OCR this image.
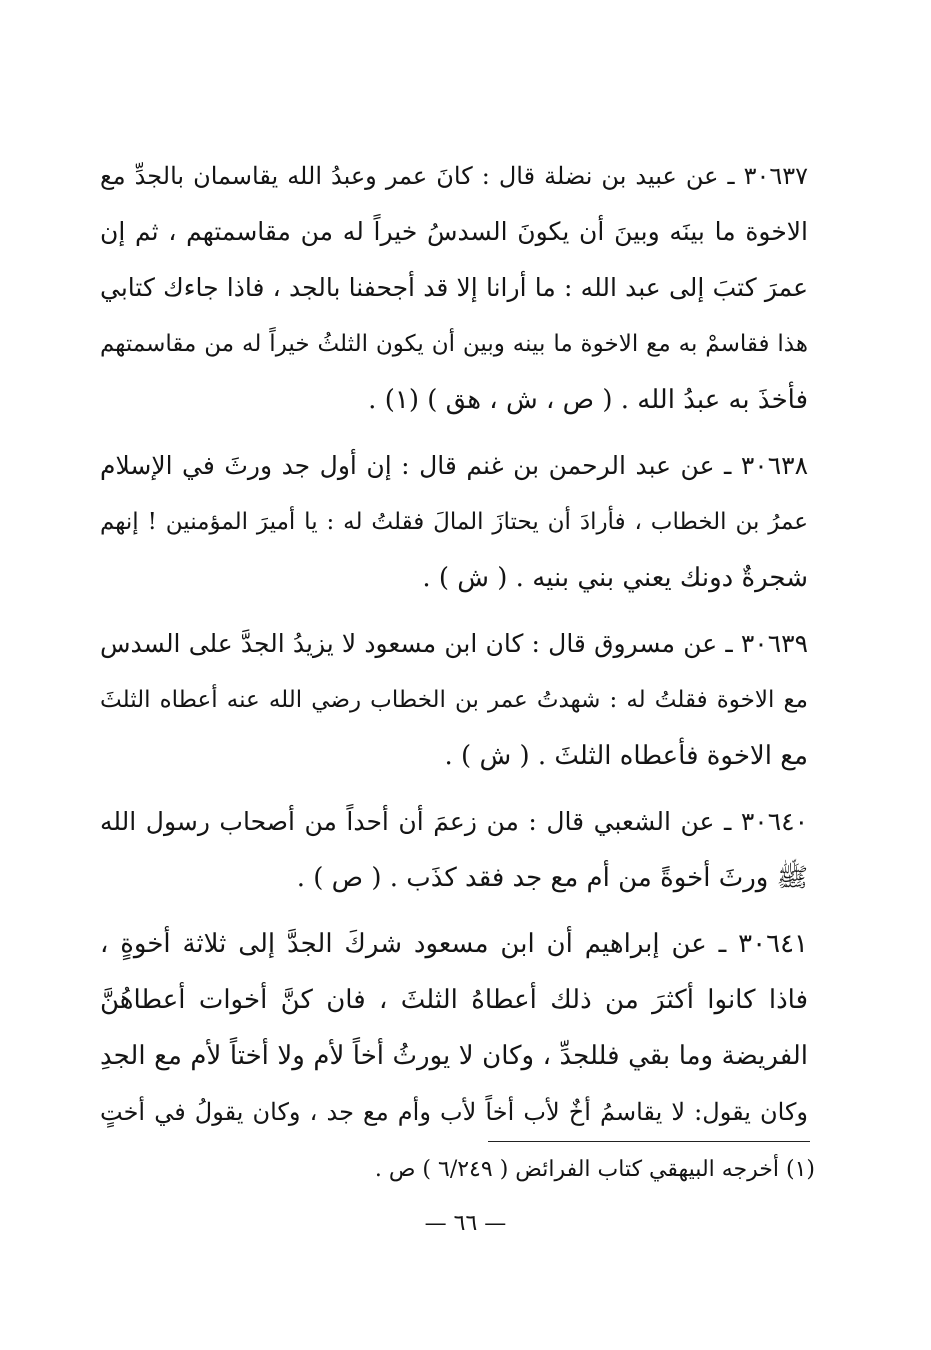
٣٠٦٣٧ ـ عن عبيد بن نضلة قال : كانَ عمر وعبدُ الله يقاسمان بالجدِّ مع
الاخوة ما بينَه وبينَ أن يكونَ السدسُ خيراً له من مقاسمتهم ، ثم إن
عمرَ كتبَ إلى عبد الله : ما أرانا إلا قد أجحفنا بالجد ، فاذا جاءك كتابي
هذا فقاسمْ به مع الاخوة ما بينه وبين أن يكون الثلثُ خيراً له من مقاسمتهم
فأخذَ به عبدُ الله . ( ص ، ش ، هق ) (١) .
٣٠٦٣٨ ـ عن عبد الرحمن بن غنم قال : إن أول جد ورثَ في الإسلام
عمرُ بن الخطاب ، فأرادَ أن يحتازَ المالَ فقلتُ له : يا أميرَ المؤمنين ! إنهم
شجرةٌ دونك يعني بني بنيه . ( ش ) .
٣٠٦٣٩ ـ عن مسروق قال : كان ابن مسعود لا يزيدُ الجدَّ على السدس
مع الاخوة فقلتُ له : شهدتُ عمر بن الخطاب رضي الله عنه أعطاه الثلثَ
مع الاخوة فأعطاه الثلثَ . ( ش ) .
٣٠٦٤٠ ـ عن الشعبي قال : من زعمَ أن أحداً من أصحاب رسول الله
ﷺ ورثَ أخوةً من أم مع جد فقد كذَب . ( ص ) .
٣٠٦٤١ ـ عن إبراهيم أن ابن مسعود شركَ الجدَّ إلى ثلاثة أخوةٍ ،
فاذا كانوا أكثرَ من ذلك أعطاهُ الثلثَ ، فان كنَّ أخوات أعطاهُنَّ
الفريضة وما بقي فللجدِّ ، وكان لا يورثُ أخاً لأم ولا أختاً لأم مع الجدِ
وكان يقول: لا يقاسمُ أخٌ لأب أخاً لأب وأم مع جد ، وكان يقولُ في أختٍ
(١) أخرجه البيهقي كتاب الفرائض ( ٦/٢٤٩ ) ص .
— ٦٦ —
